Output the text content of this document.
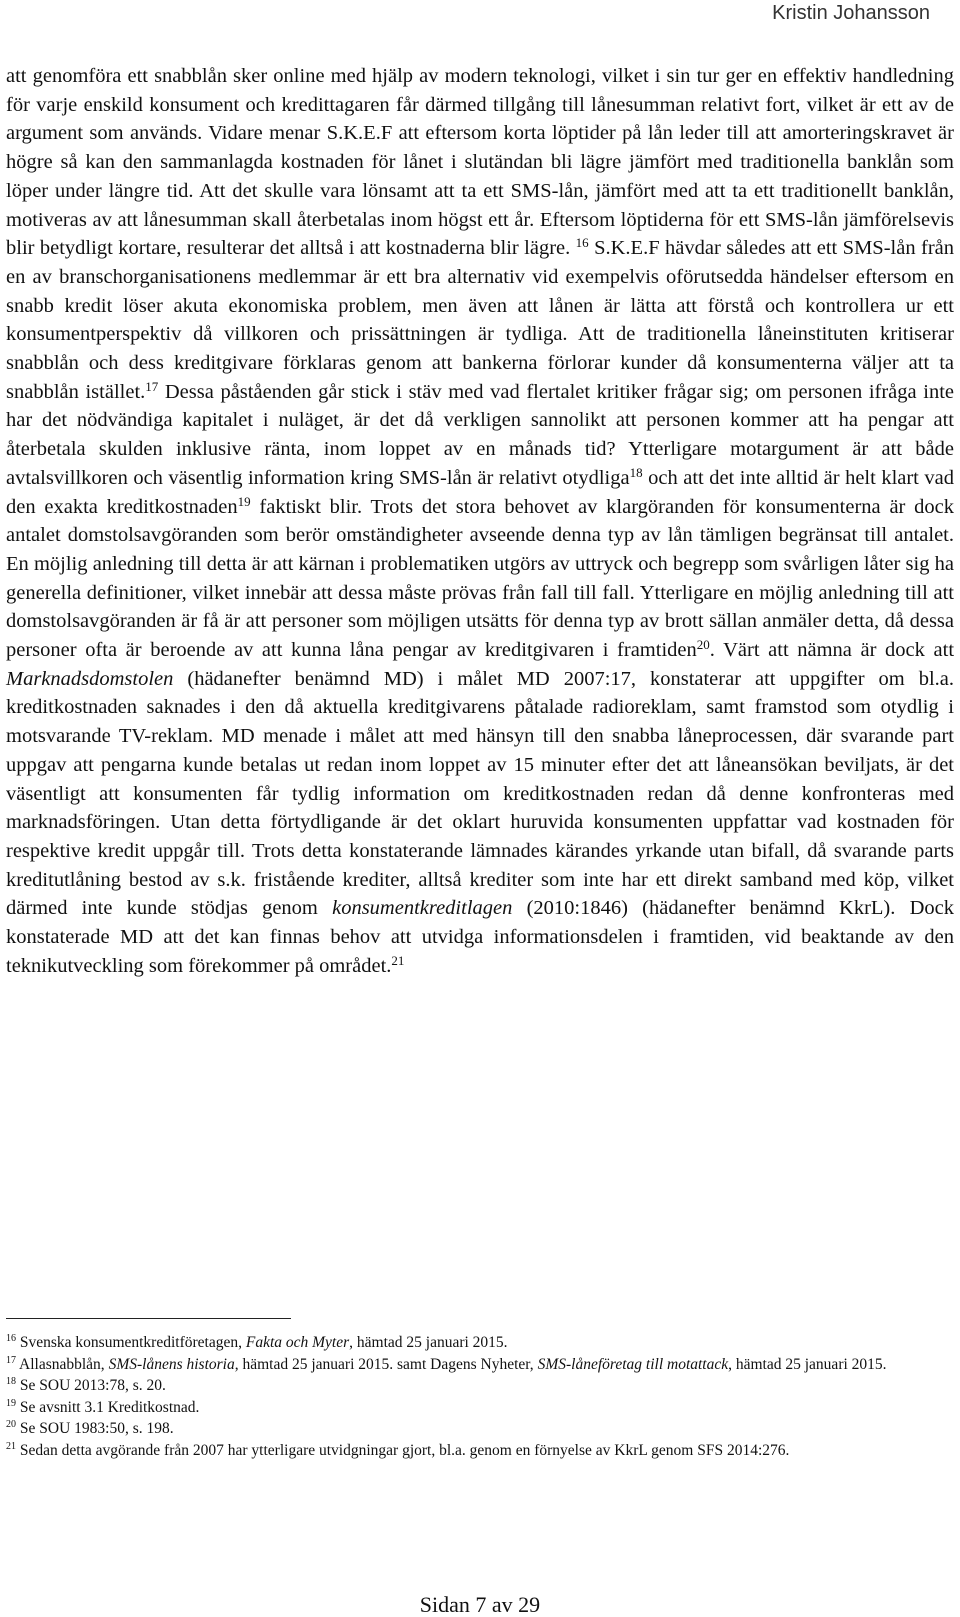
Kristin Johansson

att genomföra ett snabblån sker online med hjälp av modern teknologi, vilket i sin tur ger en effektiv handledning för varje enskild konsument och kredittagaren får därmed tillgång till lånesumman relativt fort, vilket är ett av de argument som används. Vidare menar S.K.E.F att eftersom korta löptider på lån leder till att amorteringskravet är högre så kan den sammanlagda kostnaden för lånet i slutändan bli lägre jämfört med traditionella banklån som löper under längre tid. Att det skulle vara lönsamt att ta ett SMS-lån, jämfört med att ta ett traditionellt banklån, motiveras av att lånesumman skall återbetalas inom högst ett år. Eftersom löptiderna för ett SMS-lån jämförelsevis blir betydligt kortare, resulterar det alltså i att kostnaderna blir lägre. $^{16}$ S.K.E.F hävdar således att ett SMS-lån från en av branschorganisationens medlemmar är ett bra alternativ vid exempelvis oförutsedda händelser eftersom en snabb kredit löser akuta ekonomiska problem, men även att lånen är lätta att förstå och kontrollera ur ett konsumentperspektiv då villkoren och prissättningen är tydliga. Att de traditionella låneinstituten kritiserar snabblån och dess kreditgivare förklaras genom att bankerna förlorar kunder då konsumenterna väljer att ta snabblån istället.$^{17}$ Dessa påståenden går stick i stäv med vad flertalet kritiker frågar sig; om personen ifråga inte har det nödvändiga kapitalet i nuläget, är det då verkligen sannolikt att personen kommer att ha pengar att återbetala skulden inklusive ränta, inom loppet av en månads tid? Ytterligare motargument är att både avtalsvillkoren och väsentlig information kring SMS-lån är relativt otydliga$^{18}$ och att det inte alltid är helt klart vad den exakta kreditkostnaden$^{19}$ faktiskt blir. Trots det stora behovet av klargöranden för konsumenterna är dock antalet domstolsavgöranden som berör omständigheter avseende denna typ av lån tämligen begränsat till antalet. En möjlig anledning till detta är att kärnan i problematiken utgörs av uttryck och begrepp som svårligen låter sig ha generella definitioner, vilket innebär att dessa måste prövas från fall till fall. Ytterligare en möjlig anledning till att domstolsavgöranden är få är att personer som möjligen utsätts för denna typ av brott sällan anmäler detta, då dessa personer ofta är beroende av att kunna låna pengar av kreditgivaren i framtiden$^{20}$. Värt att nämna är dock att Marknadsdomstolen (hädanefter benämnd MD) i målet MD 2007:17, konstaterar att uppgifter om bl.a. kreditkostnaden saknades i den då aktuella kreditgivarens påtalade radioreklam, samt framstod som otydlig i motsvarande TV-reklam. MD menade i målet att med hänsyn till den snabba låneprocessen, där svarande part uppgav att pengarna kunde betalas ut redan inom loppet av 15 minuter efter det att låneansökan beviljats, är det väsentligt att konsumenten får tydlig information om kreditkostnaden redan då denne konfronteras med marknadsföringen. Utan detta förtydligande är det oklart huruvida konsumenten uppfattar vad kostnaden för respektive kredit uppgår till. Trots detta konstaterande lämnades kärandes yrkande utan bifall, då svarande parts kreditutlåning bestod av s.k. fristående krediter, alltså krediter som inte har ett direkt samband med köp, vilket därmed inte kunde stödjas genom konsumentkreditlagen (2010:1846) (hädanefter benämnd KkrL). Dock konstaterade MD att det kan finnas behov att utvidga informationsdelen i framtiden, vid beaktande av den teknikutveckling som förekommer på området.$^{21}$

$^{16}$ Svenska konsumentkreditföretagen, Fakta och Myter, hämtad 25 januari 2015.

$^{17}$ Allasnabblån, SMS-lånens historia, hämtad 25 januari 2015. samt Dagens Nyheter, SMS-låneföretag till motattack, hämtad 25 januari 2015.

$^{18}$ Se SOU 2013:78, s. 20.

$^{19}$ Se avsnitt 3.1 Kreditkostnad.

$^{20}$ Se SOU 1983:50, s. 198.

$^{21}$ Sedan detta avgörande från 2007 har ytterligare utvidgningar gjort, bl.a. genom en förnyelse av KkrL genom SFS 2014:276.

Sidan 7 av 29
